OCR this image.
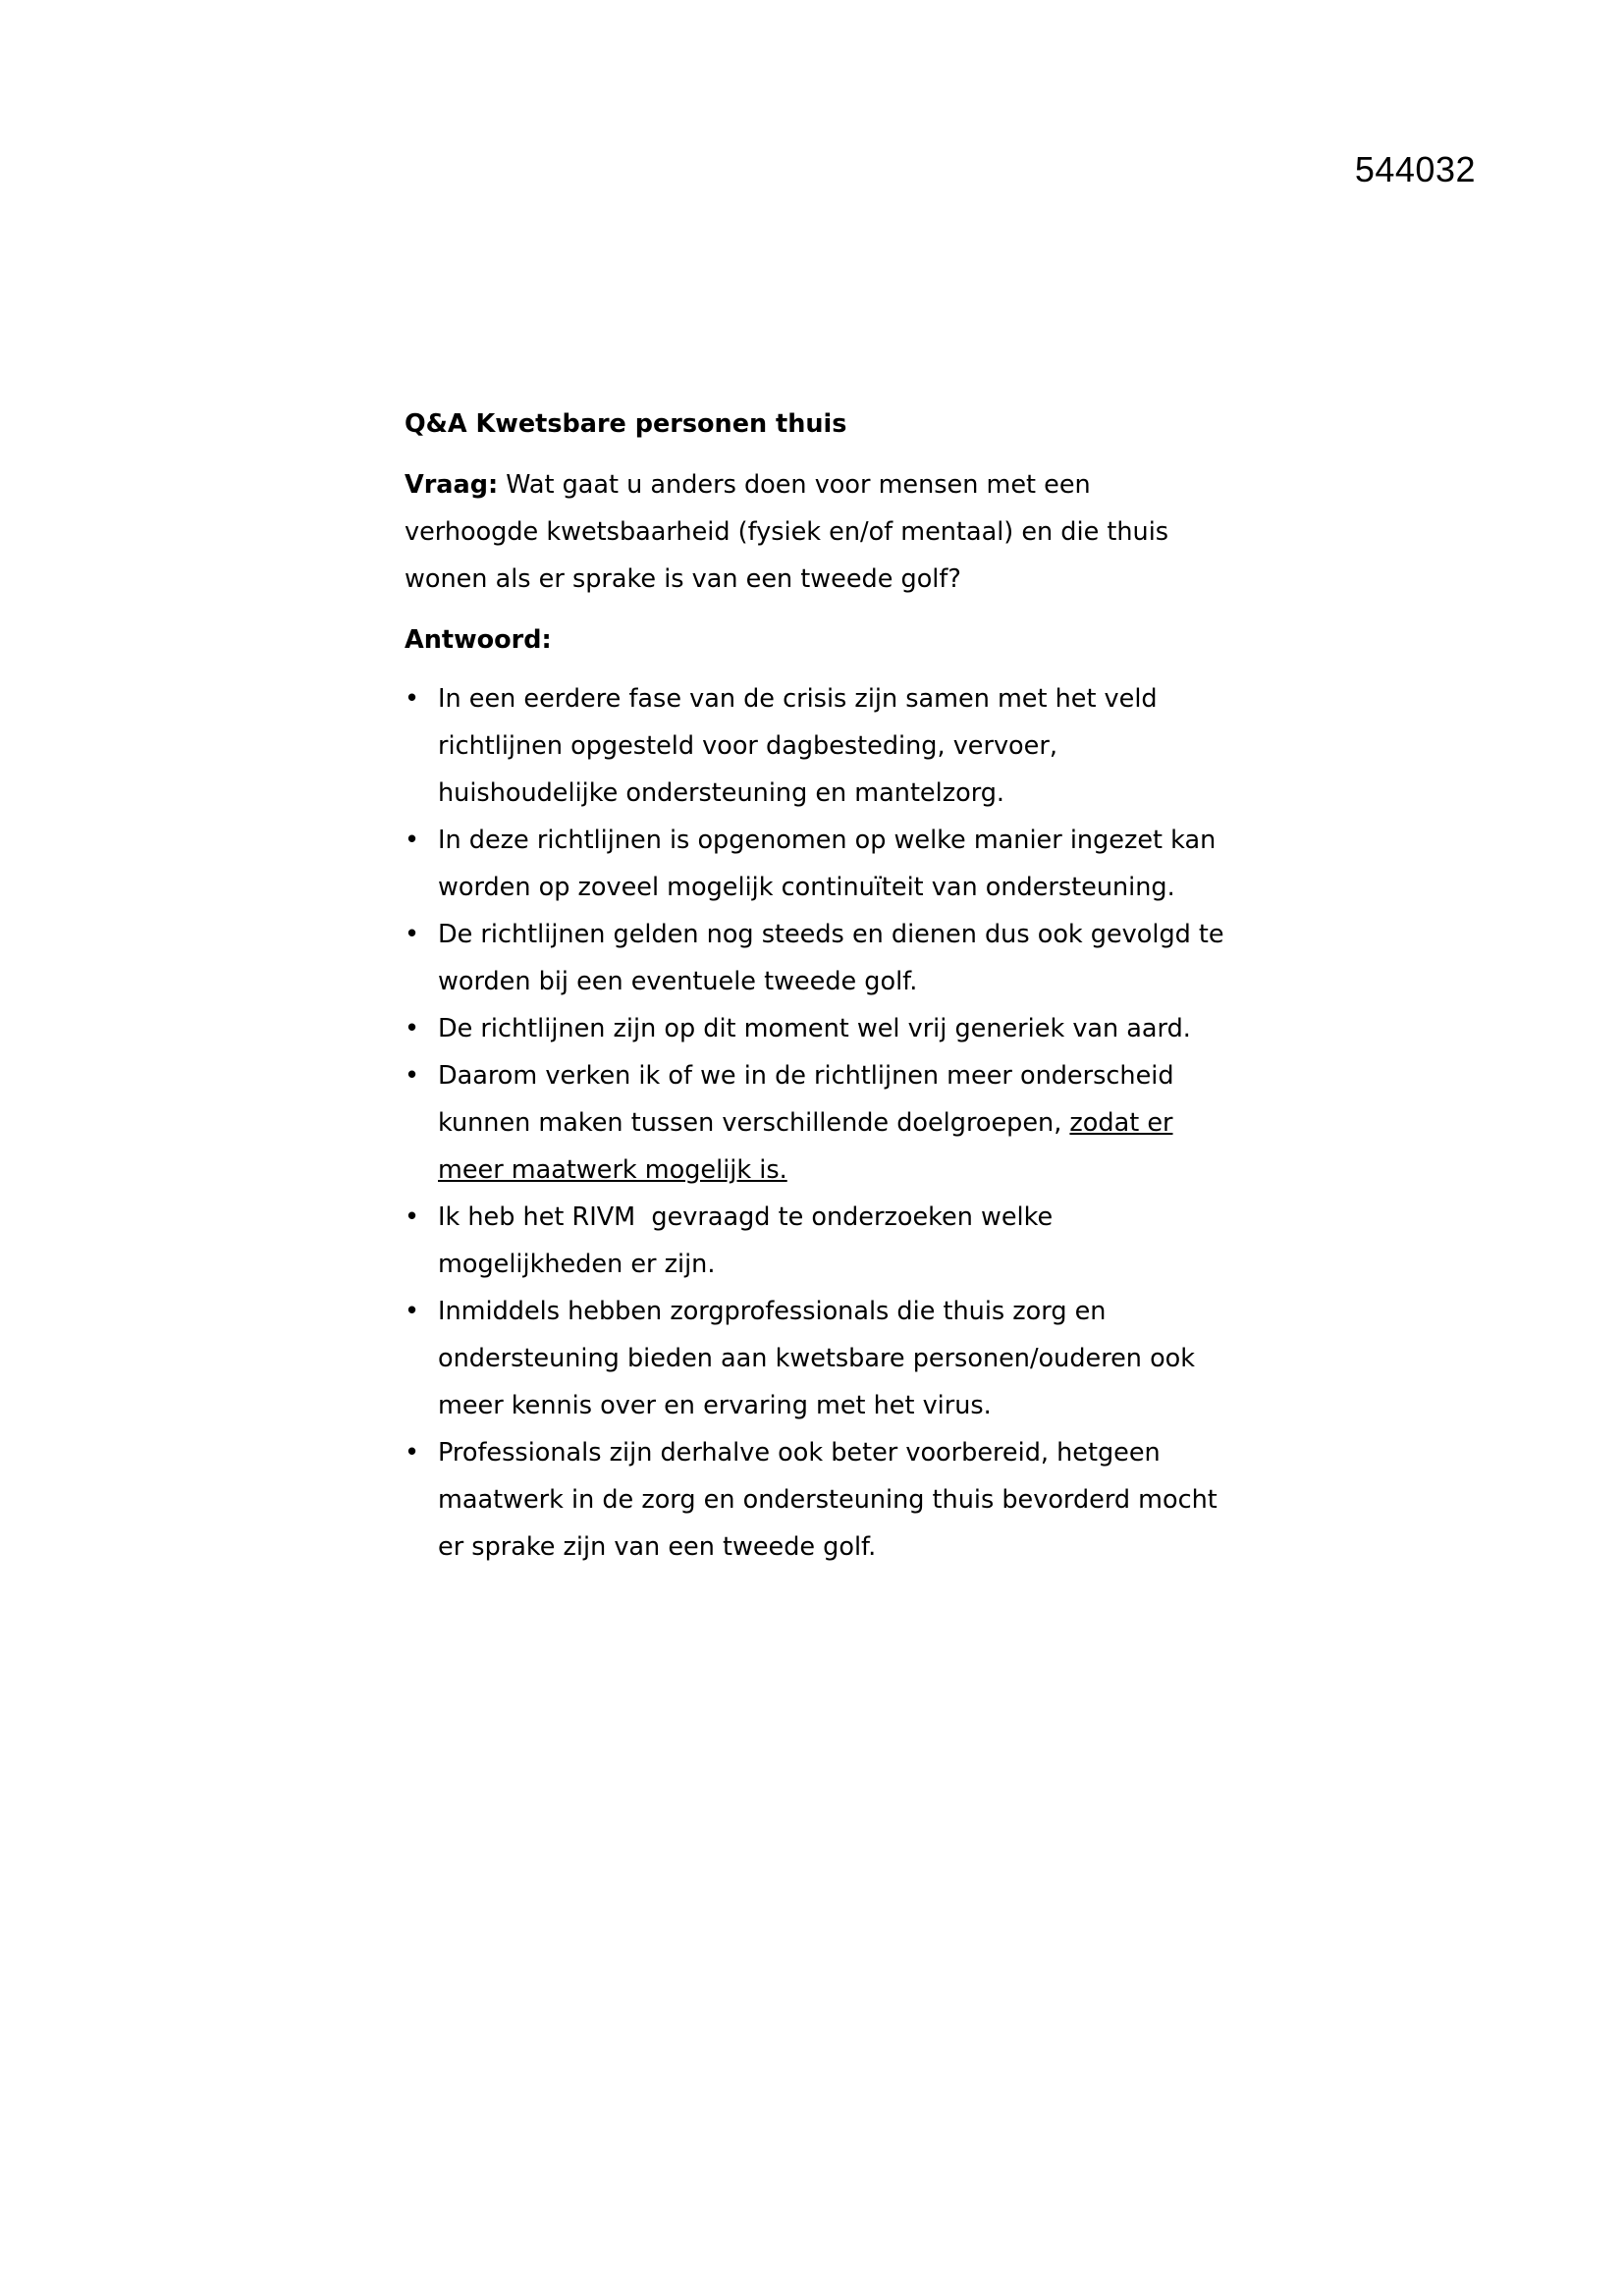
544032
Q&A Kwetsbare personen thuis
Vraag: Wat gaat u anders doen voor mensen met een verhoogde kwetsbaarheid (fysiek en/of mentaal) en die thuis wonen als er sprake is van een tweede golf?
Antwoord:
• In een eerdere fase van de crisis zijn samen met het veld richtlijnen opgesteld voor dagbesteding, vervoer, huishoudelijke ondersteuning en mantelzorg.
• In deze richtlijnen is opgenomen op welke manier ingezet kan worden op zoveel mogelijk continuïteit van ondersteuning.
• De richtlijnen gelden nog steeds en dienen dus ook gevolgd te worden bij een eventuele tweede golf.
• De richtlijnen zijn op dit moment wel vrij generiek van aard.
• Daarom verken ik of we in de richtlijnen meer onderscheid kunnen maken tussen verschillende doelgroepen, zodat er meer maatwerk mogelijk is.
• Ik heb het RIVM  gevraagd te onderzoeken welke mogelijkheden er zijn.
• Inmiddels hebben zorgprofessionals die thuis zorg en ondersteuning bieden aan kwetsbare personen/ouderen ook meer kennis over en ervaring met het virus.
• Professionals zijn derhalve ook beter voorbereid, hetgeen maatwerk in de zorg en ondersteuning thuis bevorderd mocht er sprake zijn van een tweede golf.
